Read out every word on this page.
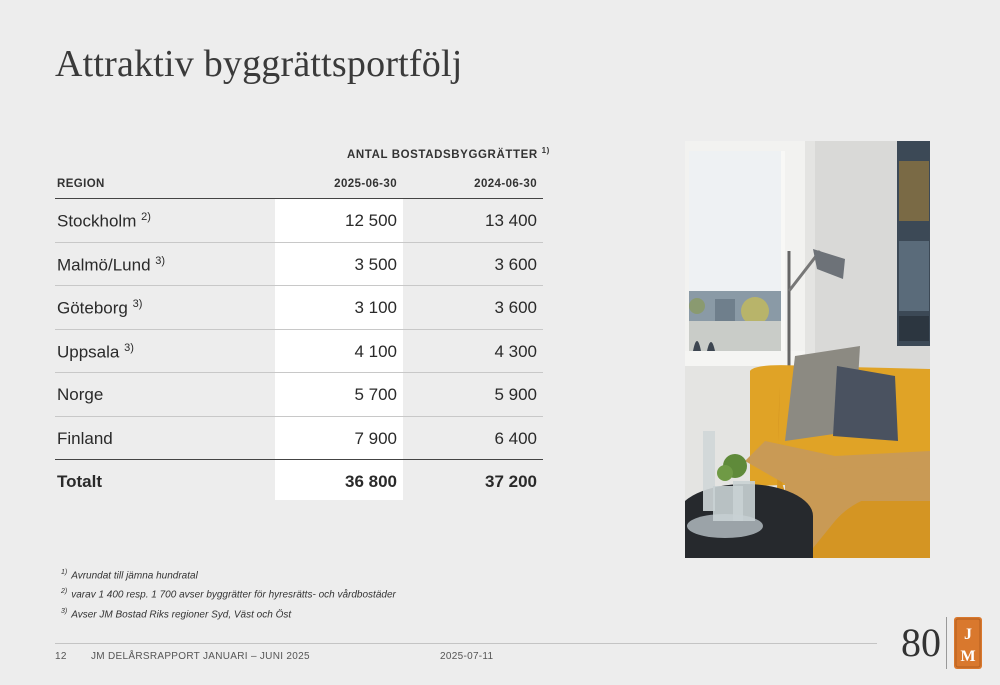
Attraktiv byggrättsportfölj
ANTAL BOSTADSBYGGRÄTTER $^{1)}$
REGION	2025-06-30	2024-06-30
Stockholm $^{2)}$	12 500	13 400
Malmö/Lund $^{3)}$	3 500	3 600
Göteborg $^{3)}$	3 100	3 600
Uppsala $^{3)}$	4 100	4 300
Norge	5 700	5 900
Finland	7 900	6 400
Totalt	36 800	37 200
$^{1)}$ Avrundat till jämna hundratal
$^{2)}$ varav 1 400 resp. 1 700 avser byggrätter för hyresrätts- och vårdbostäder
$^{3)}$ Avser JM Bostad Riks regioner Syd, Väst och Öst
12 JM DELÅRSRAPPORT JANUARI – JUNI 2025	2025-07-11	80 J
M
